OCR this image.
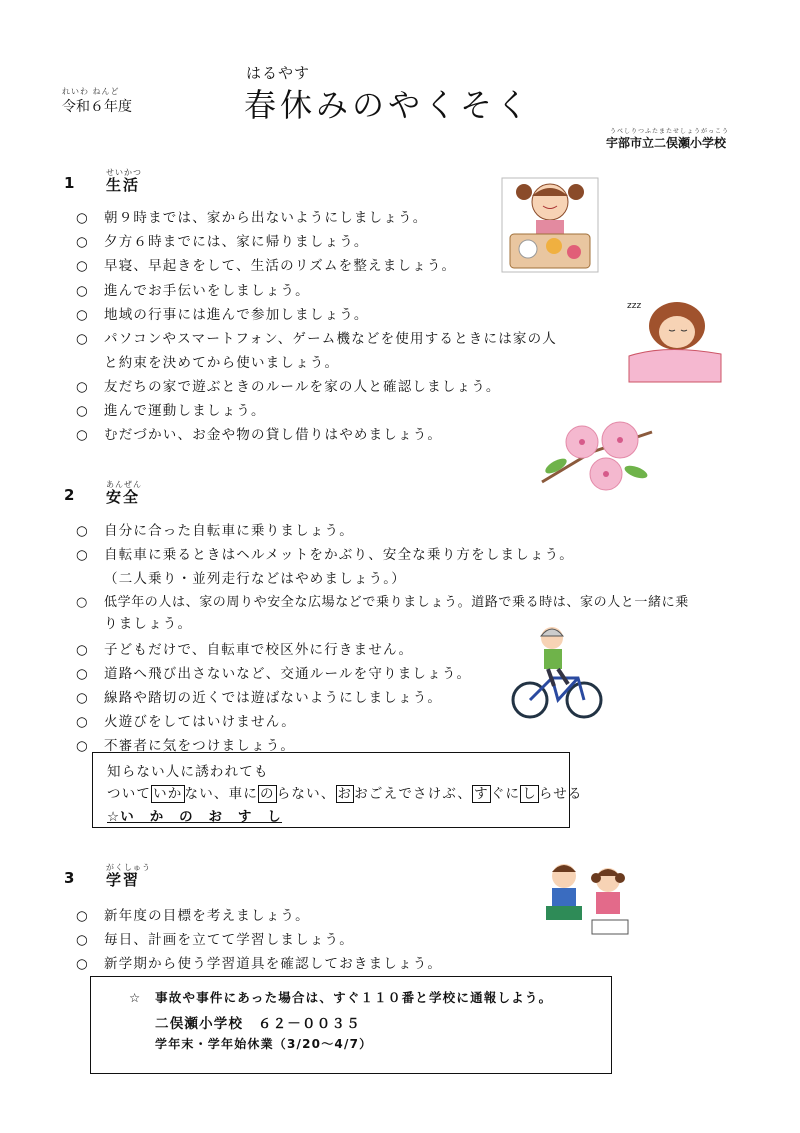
れいわ ねんど
令和６年度
はるやす
春休みのやくそく
うべしりつふたまたせしょうがっこう
宇部市立二俣瀬小学校
せいかつ
1 生活
○ 朝９時までは、家から出ないようにしましょう。
○ 夕方６時までには、家に帰りましょう。
○ 早寝、早起きをして、生活のリズムを整えましょう。
○ 進んでお手伝いをしましょう。
○ 地域の行事には進んで参加しましょう。
○ パソコンやスマートフォン、ゲーム機などを使用するときには家の人
と約束を決めてから使いましょう。
○ 友だちの家で遊ぶときのルールを家の人と確認しましょう。
○ 進んで運動しましょう。
○ むだづかい、お金や物の貸し借りはやめましょう。
あんぜん
2 安全
○ 自分に合った自転車に乗りましょう。
○ 自転車に乗るときはヘルメットをかぶり、安全な乗り方をしましょう。
（二人乗り・並列走行などはやめましょう。）
○ 低学年の人は、家の周りや安全な広場などで乗りましょう。道路で乗る時は、家の人と一緒に乗
りましょう。
○ 子どもだけで、自転車で校区外に行きません。
○ 道路へ飛び出さないなど、交通ルールを守りましょう。
○ 線路や踏切の近くでは遊ばないようにしましょう。
○ 火遊びをしてはいけません。
○ 不審者に気をつけましょう。
知らない人に誘われても
ついて いか ない、車に の らない、 お おごえでさけぶ、 す ぐに し らせる
☆い　か　の　お　す　し
がくしゅう
3 学習
○ 新年度の目標を考えましょう。
○ 毎日、計画を立てて学習しましょう。
○ 新学期から使う学習道具を確認しておきましょう。
☆　事故や事件にあった場合は、すぐ１１０番と学校に通報しよう。
二俣瀬小学校　６２－００３５
学年末・学年始休業（3/20～4/7）
zzz
